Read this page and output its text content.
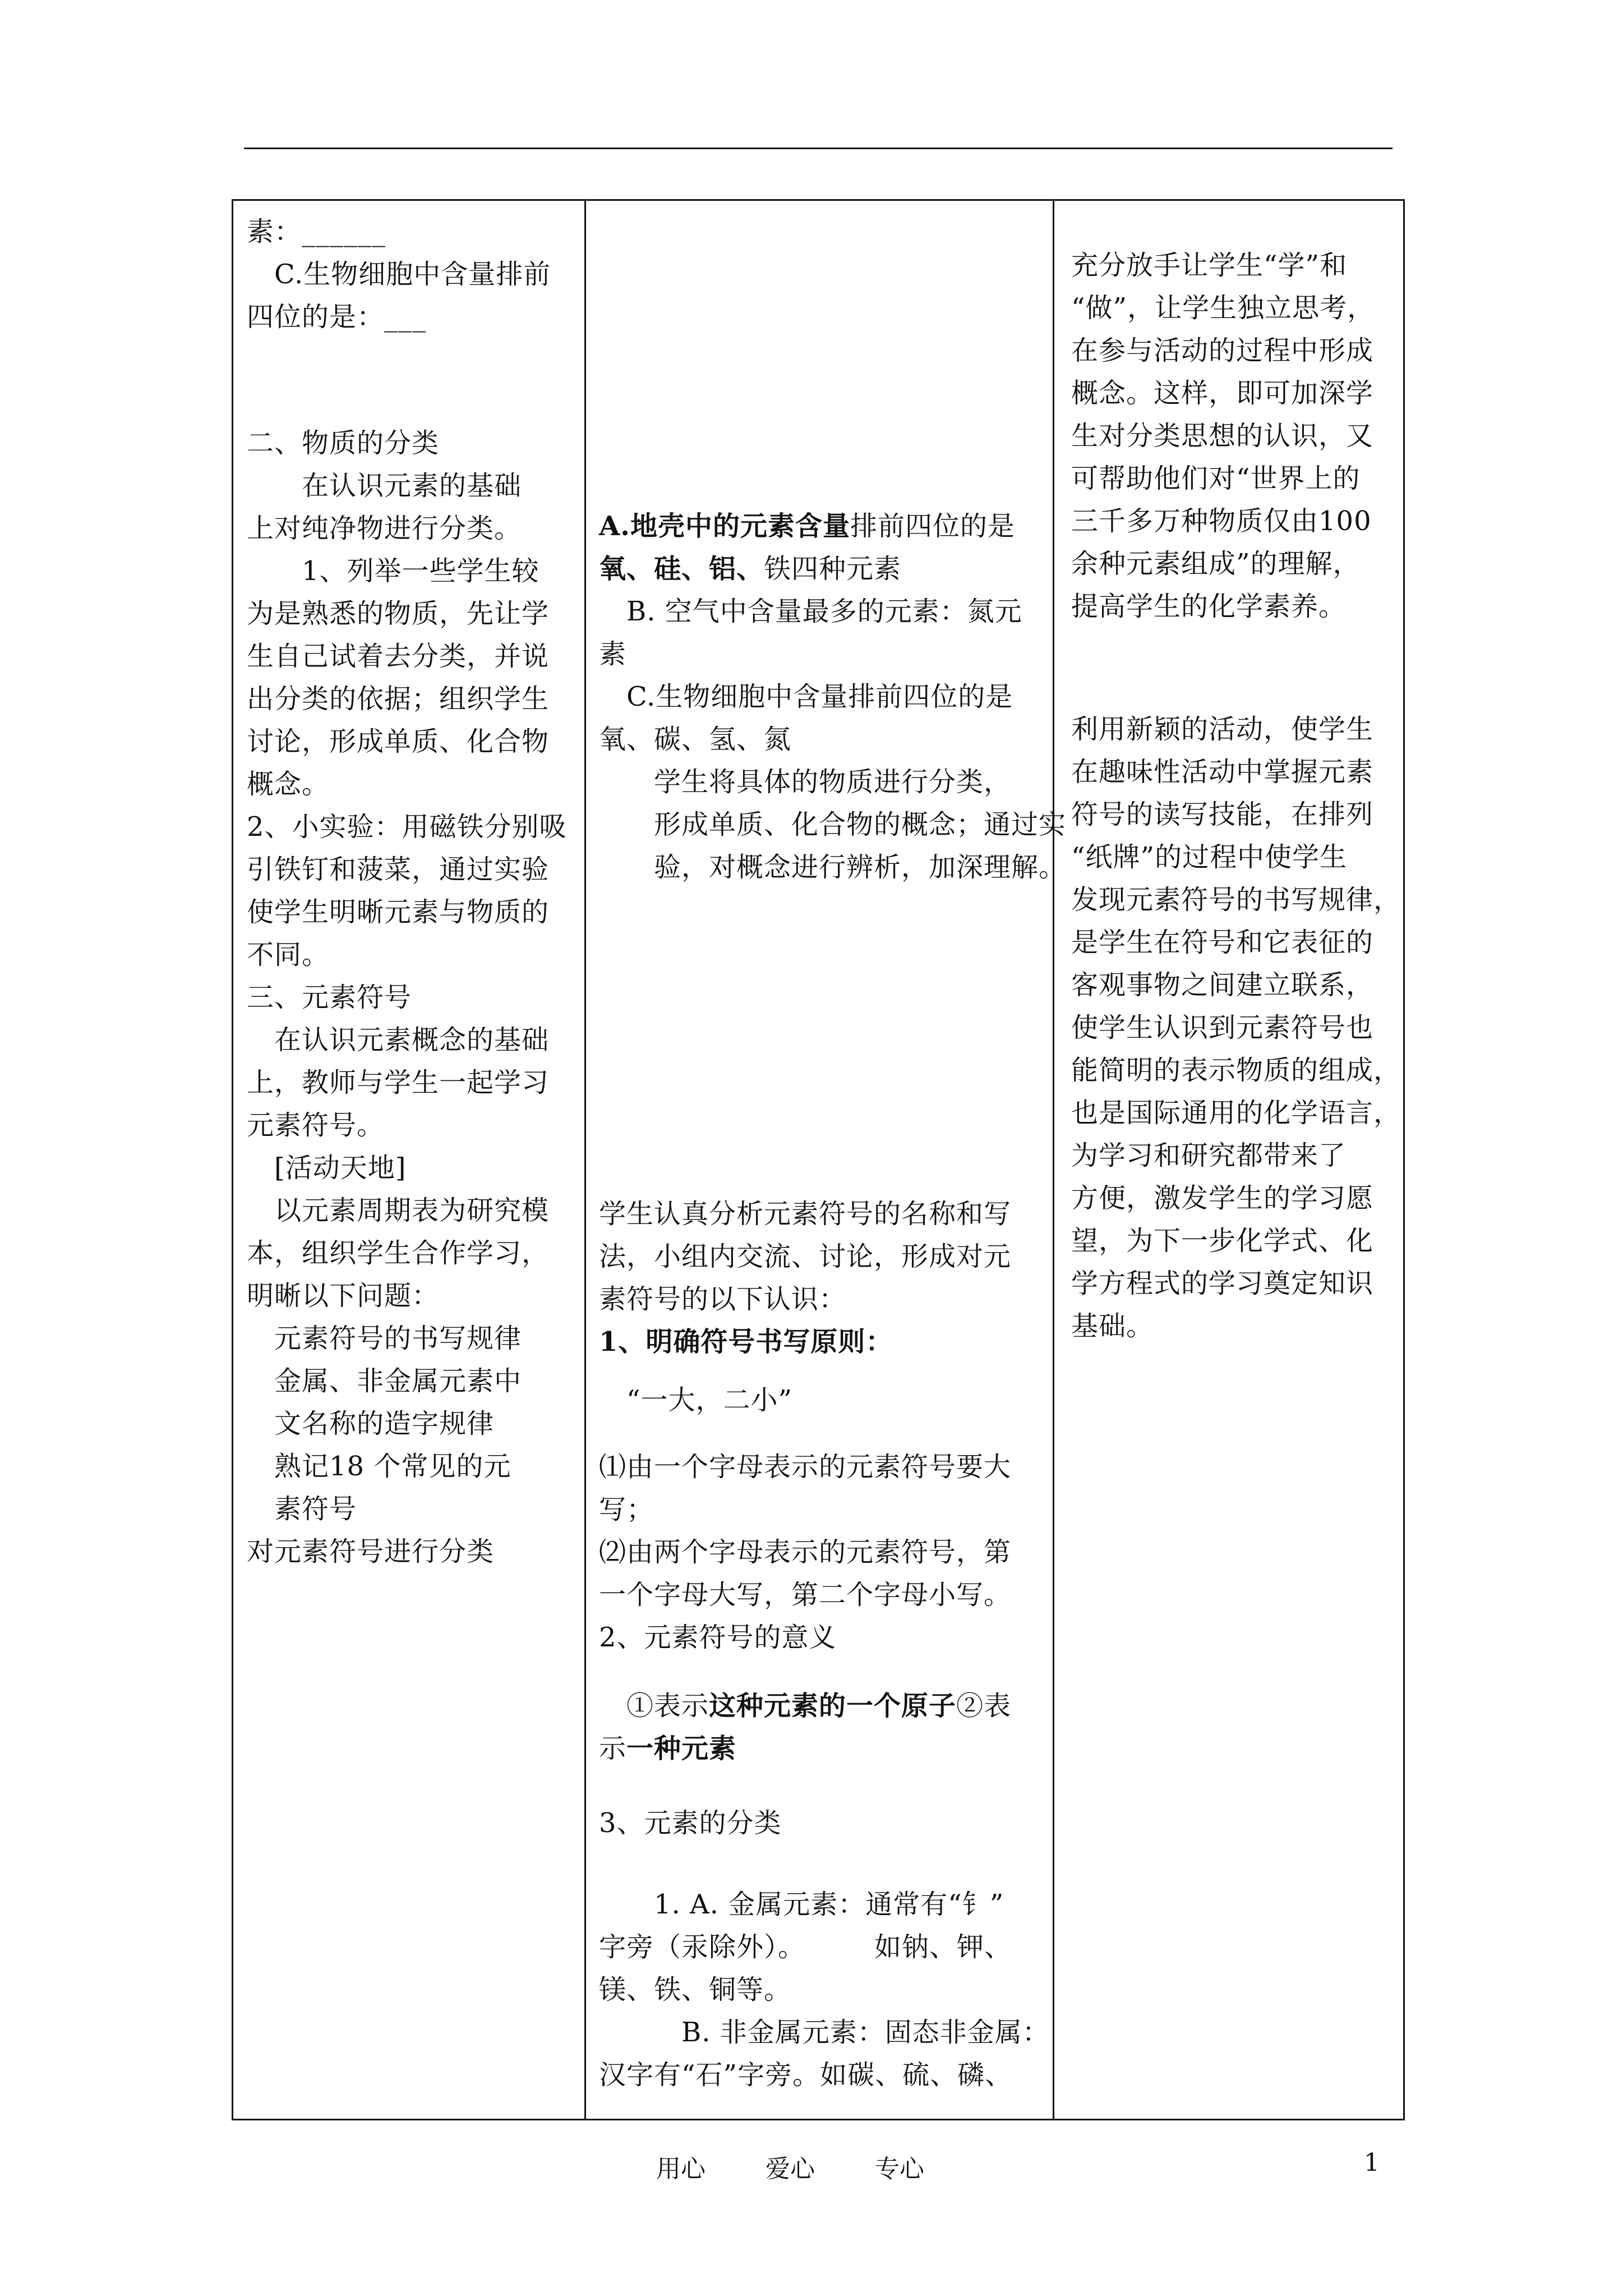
素：______
　C.生物细胞中含量排前
四位的是：___
二、物质的分类
　　在认识元素的基础
上对纯净物进行分类。
　　1、列举一些学生较
为是熟悉的物质，先让学
生自己试着去分类，并说
出分类的依据；组织学生
讨论，形成单质、化合物
概念。
2、小实验：用磁铁分别吸
引铁钉和菠菜，通过实验
使学生明晰元素与物质的
不同。
三、元素符号
　在认识元素概念的基础
上，教师与学生一起学习
元素符号。
　[活动天地]
　以元素周期表为研究模
本，组织学生合作学习，
明晰以下问题：
　元素符号的书写规律
　金属、非金属元素中
　文名称的造字规律
　熟记18 个常见的元
　素符号
对元素符号进行分类
A.地壳中的元素含量排前四位的是
氧、硅、铝、铁四种元素
　B. 空气中含量最多的元素：氮元
素
　C.生物细胞中含量排前四位的是
氧、碳、氢、氮
　　学生将具体的物质进行分类，
　　形成单质、化合物的概念；通过实
　　验，对概念进行辨析，加深理解。
学生认真分析元素符号的名称和写
法，小组内交流、讨论，形成对元
素符号的以下认识：
1、明确符号书写原则：
　“一大，二小”
⑴由一个字母表示的元素符号要大
写；
⑵由两个字母表示的元素符号，第
一个字母大写，第二个字母小写。
2、元素符号的意义
　①表示这种元素的一个原子②表
示一种元素
3、元素的分类
　　1. A. 金属元素：通常有“钅”
字旁（汞除外）。　　　如钠、钾、
镁、铁、铜等。
　　　B. 非金属元素：固态非金属：
汉字有“石”字旁。如碳、硫、磷、
充分放手让学生“学”和
“做”，让学生独立思考，
在参与活动的过程中形成
概念。这样，即可加深学
生对分类思想的认识，又
可帮助他们对“世界上的
三千多万种物质仅由100
余种元素组成”的理解，
提高学生的化学素养。
利用新颖的活动，使学生
在趣味性活动中掌握元素
符号的读写技能，在排列
“纸牌”的过程中使学生
发现元素符号的书写规律，
是学生在符号和它表征的
客观事物之间建立联系，
使学生认识到元素符号也
能简明的表示物质的组成，
也是国际通用的化学语言，
为学习和研究都带来了
方便，激发学生的学习愿
望，为下一步化学式、化
学方程式的学习奠定知识
基础。
用心 爱心 专心	1
